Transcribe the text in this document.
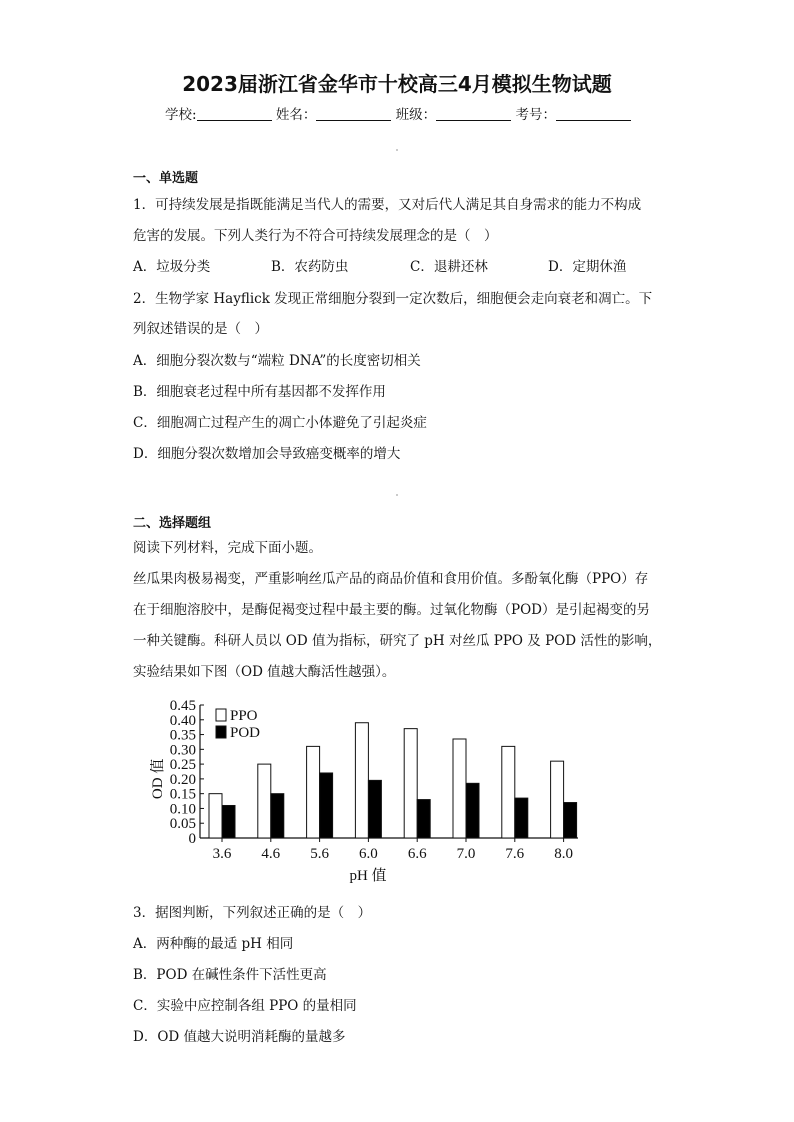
2023届浙江省金华市十校高三4月模拟生物试题
学校:	姓名：	班级：	考号：
一、单选题
1．可持续发展是指既能满足当代人的需要，又对后代人满足其自身需求的能力不构成
危害的发展。下列人类行为不符合可持续发展理念的是（　）
A．垃圾分类	B．农药防虫	C．退耕还林	D．定期休渔
2．生物学家 Hayflick 发现正常细胞分裂到一定次数后，细胞便会走向衰老和凋亡。下
列叙述错误的是（　）
A．细胞分裂次数与“端粒 DNA”的长度密切相关
B．细胞衰老过程中所有基因都不发挥作用
C．细胞凋亡过程产生的凋亡小体避免了引起炎症
D．细胞分裂次数增加会导致癌变概率的增大
二、选择题组
阅读下列材料，完成下面小题。
丝瓜果肉极易褐变，严重影响丝瓜产品的商品价值和食用价值。多酚氧化酶（PPO）存
在于细胞溶胶中，是酶促褐变过程中最主要的酶。过氧化物酶（POD）是引起褐变的另
一种关键酶。科研人员以 OD 值为指标，研究了 pH 对丝瓜 PPO 及 POD 活性的影响，
实验结果如下图（OD 值越大酶活性越强）。
0
0.05
0.10
0.15
0.20
0.25
0.30
0.35
0.40
0.45
OD 值
3.6 4.6 5.6 6.0 6.6 7.0 7.6 8.0
pH 值
PPO
POD
3．据图判断，下列叙述正确的是（　）
A．两种酶的最适 pH 相同
B．POD 在碱性条件下活性更高
C．实验中应控制各组 PPO 的量相同
D．OD 值越大说明消耗酶的量越多
